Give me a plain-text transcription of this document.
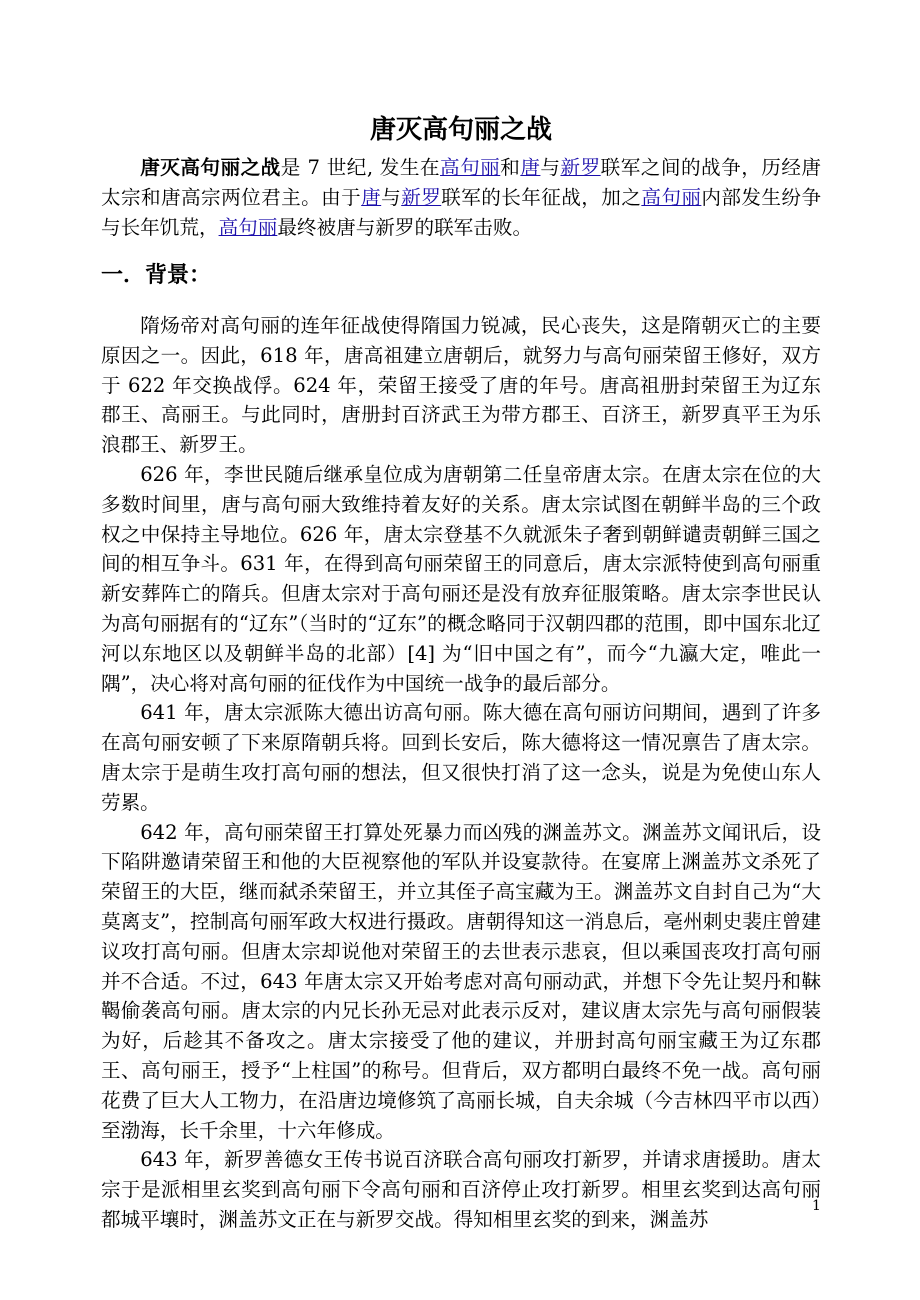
唐灭高句丽之战

唐灭高句丽之战是 7 世纪, 发生在高句丽和唐与新罗联军之间的战争，历经唐太宗和唐高宗两位君主。由于唐与新罗联军的长年征战，加之高句丽内部发生纷争与长年饥荒，高句丽最终被唐与新罗的联军击败。

一．背景：

隋炀帝对高句丽的连年征战使得隋国力锐减，民心丧失，这是隋朝灭亡的主要原因之一。因此，618 年，唐高祖建立唐朝后，就努力与高句丽荣留王修好，双方于 622 年交换战俘。624 年，荣留王接受了唐的年号。唐高祖册封荣留王为辽东郡王、高丽王。与此同时，唐册封百济武王为带方郡王、百济王，新罗真平王为乐浪郡王、新罗王。

626 年，李世民随后继承皇位成为唐朝第二任皇帝唐太宗。在唐太宗在位的大多数时间里，唐与高句丽大致维持着友好的关系。唐太宗试图在朝鲜半岛的三个政权之中保持主导地位。626 年，唐太宗登基不久就派朱子奢到朝鲜谴责朝鲜三国之间的相互争斗。631 年，在得到高句丽荣留王的同意后，唐太宗派特使到高句丽重新安葬阵亡的隋兵。但唐太宗对于高句丽还是没有放弃征服策略。唐太宗李世民认为高句丽据有的“辽东”（当时的“辽东”的概念略同于汉朝四郡的范围，即中国东北辽河以东地区以及朝鲜半岛的北部）[4] 为“旧中国之有”，而今“九瀛大定，唯此一隅”，决心将对高句丽的征伐作为中国统一战争的最后部分。

641 年，唐太宗派陈大德出访高句丽。陈大德在高句丽访问期间，遇到了许多在高句丽安顿了下来原隋朝兵将。回到长安后，陈大德将这一情况禀告了唐太宗。唐太宗于是萌生攻打高句丽的想法，但又很快打消了这一念头，说是为免使山东人劳累。

642 年，高句丽荣留王打算处死暴力而凶残的渊盖苏文。渊盖苏文闻讯后，设下陷阱邀请荣留王和他的大臣视察他的军队并设宴款待。在宴席上渊盖苏文杀死了荣留王的大臣，继而弑杀荣留王，并立其侄子高宝藏为王。渊盖苏文自封自己为“大莫离支”，控制高句丽军政大权进行摄政。唐朝得知这一消息后，亳州刺史裴庄曾建议攻打高句丽。但唐太宗却说他对荣留王的去世表示悲哀，但以乘国丧攻打高句丽并不合适。不过，643 年唐太宗又开始考虑对高句丽动武，并想下令先让契丹和靺鞨偷袭高句丽。唐太宗的内兄长孙无忌对此表示反对，建议唐太宗先与高句丽假装为好，后趁其不备攻之。唐太宗接受了他的建议，并册封高句丽宝藏王为辽东郡王、高句丽王，授予“上柱国”的称号。但背后，双方都明白最终不免一战。高句丽花费了巨大人工物力，在沿唐边境修筑了高丽长城，自夫余城（今吉林四平市以西）至渤海，长千余里，十六年修成。

643 年，新罗善德女王传书说百济联合高句丽攻打新罗，并请求唐援助。唐太宗于是派相里玄奖到高句丽下令高句丽和百济停止攻打新罗。相里玄奖到达高句丽都城平壤时，渊盖苏文正在与新罗交战。得知相里玄奖的到来，渊盖苏

1
